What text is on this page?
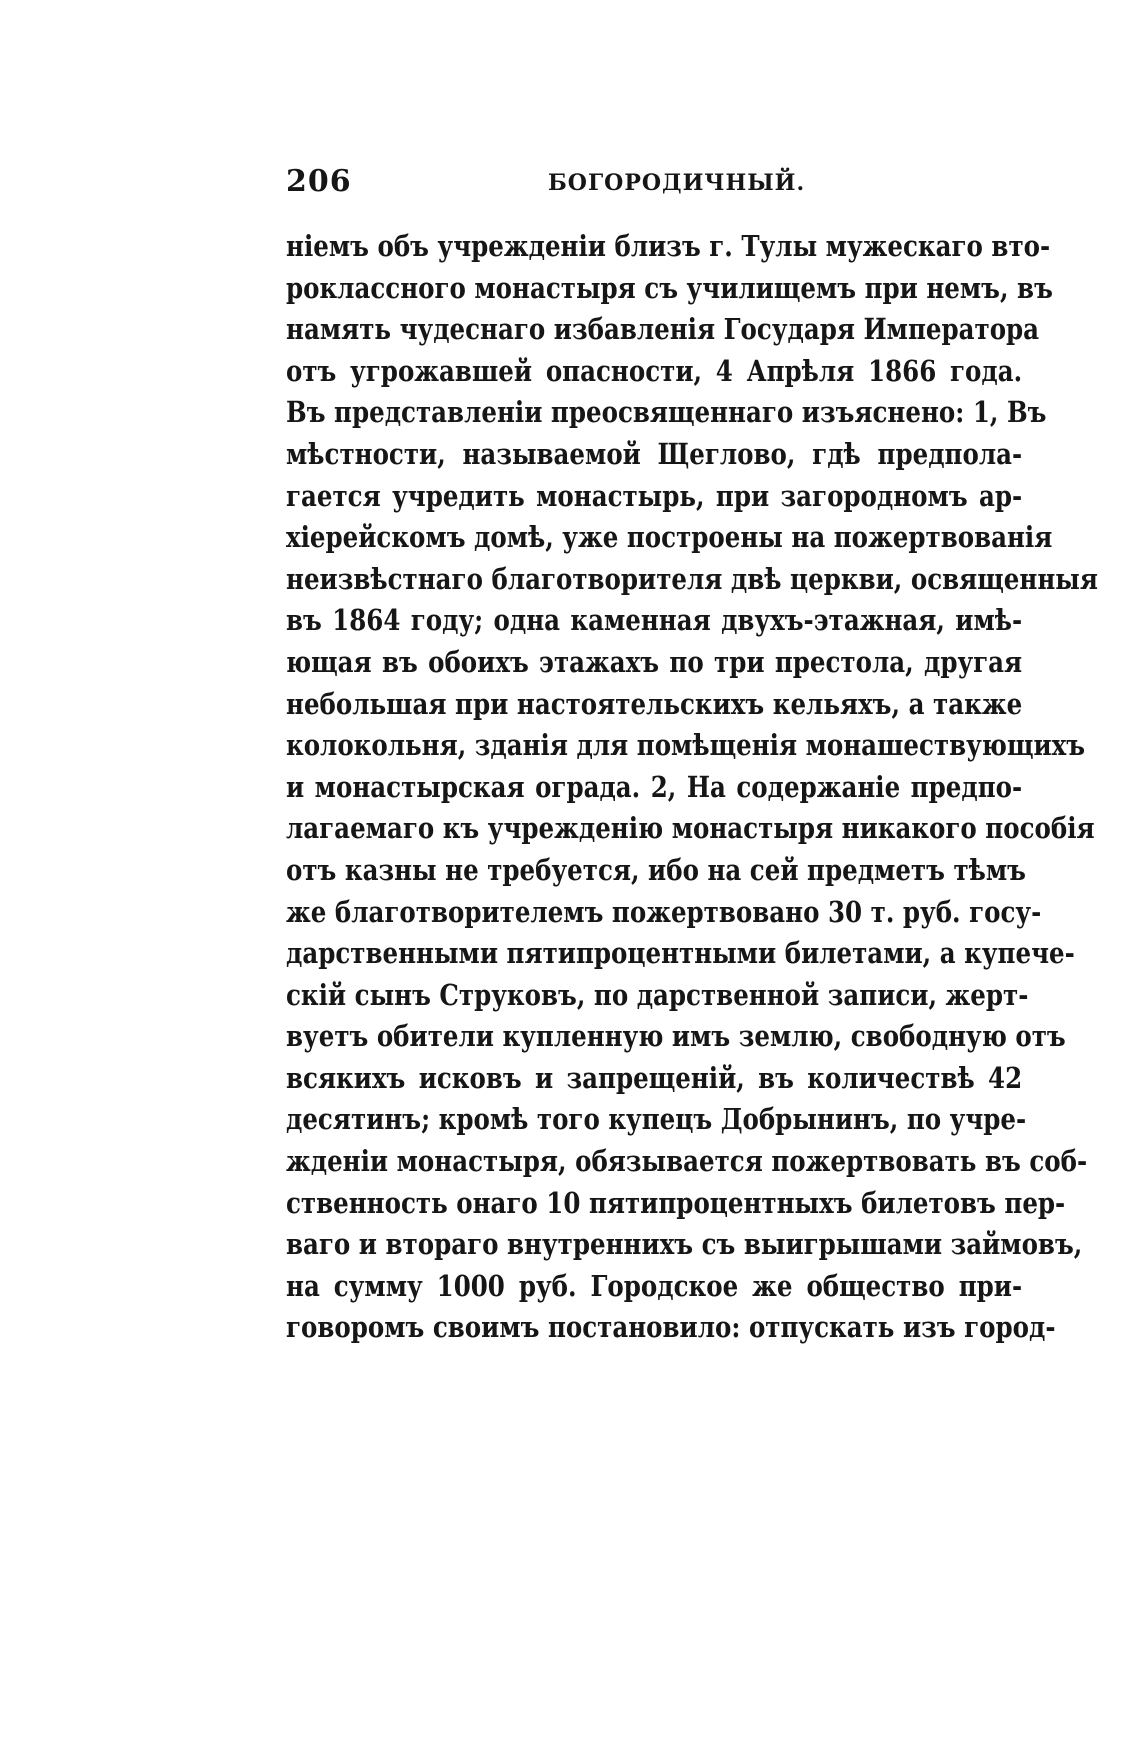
206	БОГОРОДИЧНЫЙ.
ніемъ объ учрежденіи близъ г. Тулы мужескаго вто-
роклассного монастыря съ училищемъ при немъ, въ
намять чудеснаго избавленія Государя Императора
отъ угрожавшей опасности, 4 Апрѣля 1866 года.
Въ представленіи преосвященнаго изъяснено: 1, Въ
мѣстности, называемой Щеглово, гдѣ предпола-
гается учредить монастырь, при загородномъ ар-
хіерейскомъ домѣ, уже построены на пожертвованія
неизвѣстнаго благотворителя двѣ церкви, освященныя
въ 1864 году; одна каменная двухъ-этажная, имѣ-
ющая въ обоихъ этажахъ по три престола, другая
небольшая при настоятельскихъ кельяхъ, а также
колокольня, зданія для помѣщенія монашествующихъ
и монастырская ограда. 2, На содержаніе предпо-
лагаемаго къ учрежденію монастыря никакого пособія
отъ казны не требуется, ибо на сей предметъ тѣмъ
же благотворителемъ пожертвовано 30 т. руб. госу-
дарственными пятипроцентными билетами, а купече-
скій сынъ Струковъ, по дарственной записи, жерт-
вуетъ обители купленную имъ землю, свободную отъ
всякихъ исковъ и запрещеній, въ количествѣ 42
десятинъ; кромѣ того купецъ Добрынинъ, по учре-
жденіи монастыря, обязывается пожертвовать въ соб-
ственность онаго 10 пятипроцентныхъ билетовъ пер-
ваго и втораго внутреннихъ съ выигрышами займовъ,
на сумму 1000 руб. Городское же общество при-
говоромъ своимъ постановило: отпускать изъ город-
